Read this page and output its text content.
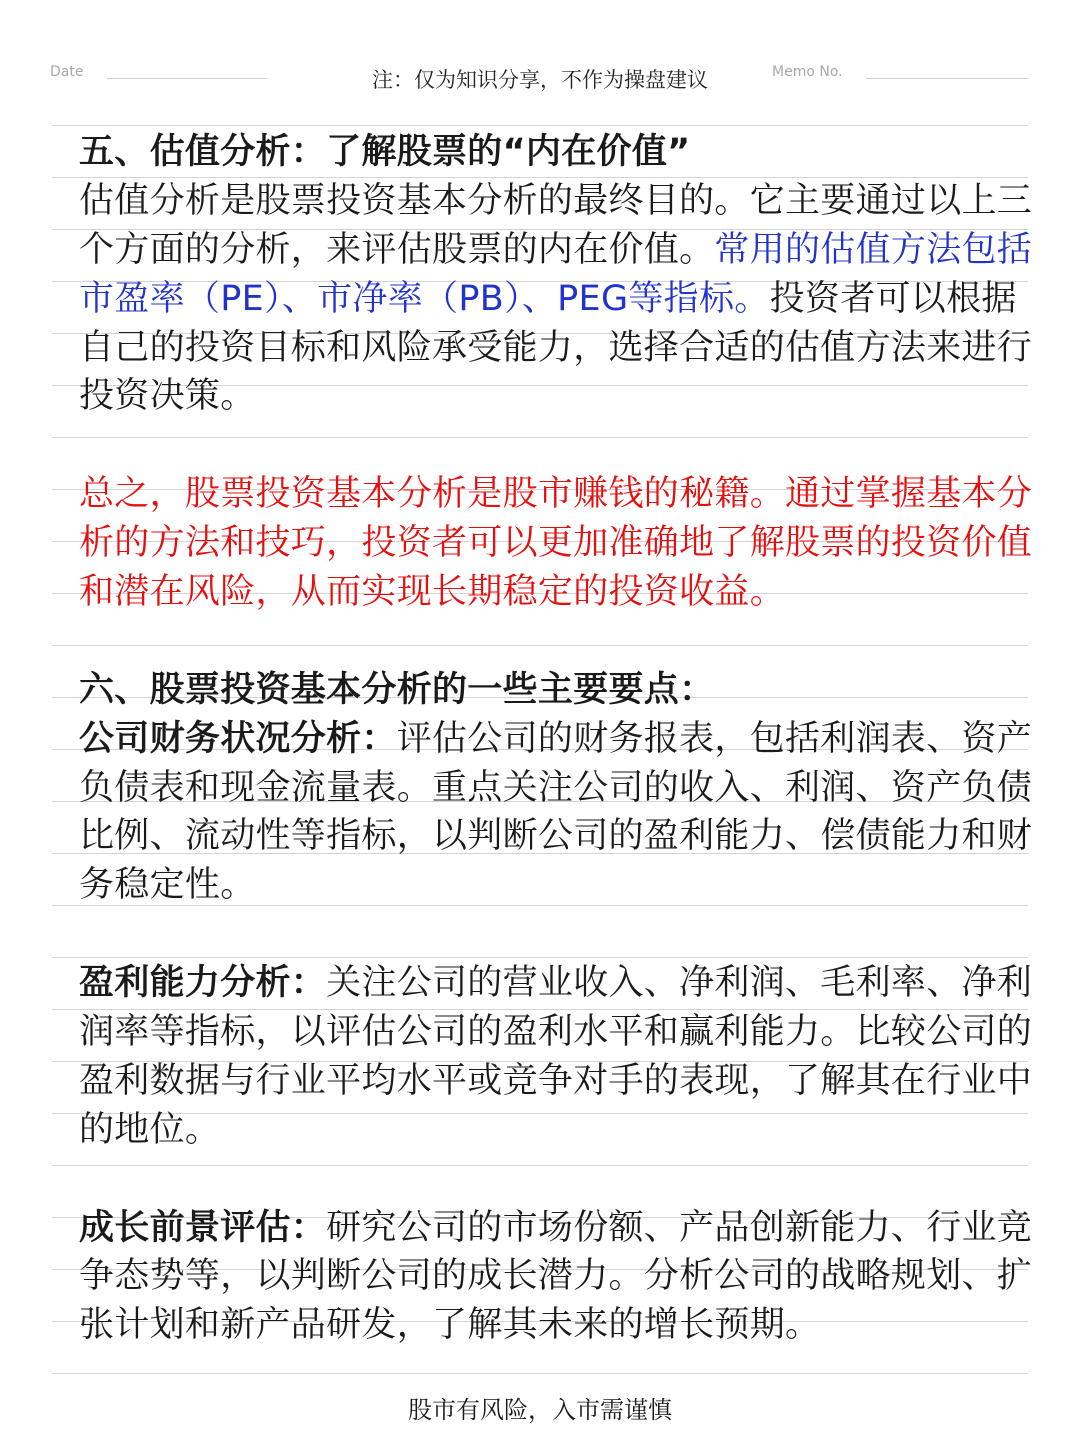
Date	注：仅为知识分享，不作为操盘建议	Memo No.
五、估值分析：了解股票的“内在价值”
估值分析是股票投资基本分析的最终目的。它主要通过以上三
个方面的分析，来评估股票的内在价值。常用的估值方法包括
市盈率（PE）、市净率（PB）、PEG等指标。投资者可以根据
自己的投资目标和风险承受能力，选择合适的估值方法来进行
投资决策。
总之，股票投资基本分析是股市赚钱的秘籍。通过掌握基本分
析的方法和技巧，投资者可以更加准确地了解股票的投资价值
和潜在风险，从而实现长期稳定的投资收益。
六、股票投资基本分析的一些主要要点：
公司财务状况分析：评估公司的财务报表，包括利润表、资产
负债表和现金流量表。重点关注公司的收入、利润、资产负债
比例、流动性等指标，以判断公司的盈利能力、偿债能力和财
务稳定性。
盈利能力分析：关注公司的营业收入、净利润、毛利率、净利
润率等指标，以评估公司的盈利水平和赢利能力。比较公司的
盈利数据与行业平均水平或竞争对手的表现，了解其在行业中
的地位。
成长前景评估：研究公司的市场份额、产品创新能力、行业竞
争态势等，以判断公司的成长潜力。分析公司的战略规划、扩
张计划和新产品研发，了解其未来的增长预期。
股市有风险，入市需谨慎
